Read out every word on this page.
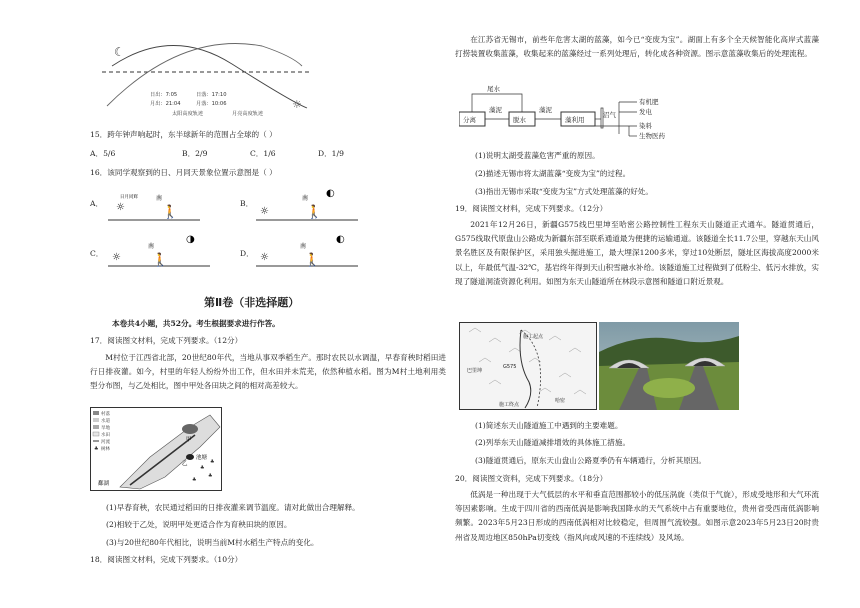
☾
☼
日出：7:05	日落：17:10
月出：21:04	月落：10:06
太阳高度轨迹	月亮高度轨迹
15．跨年钟声响起时，东半球新年的范围占全球的（ ）
A．5/6	B．2/9	C．1/6	D．1/9
16．该同学观察到的日、月同天景象位置示意图是（ ）
A． ☼
日月同辉	南
🚶
B．
☼
南
🚶
◐
C． ☼
南
🚶
◑
D． ☼
南
🚶
◐
第Ⅱ卷（非选择题）
本卷共4小题，共52分。考生根据要求进行作答。
17．阅读图文材料，完成下列要求。（12分）
M村位于江西省北部，20世纪80年代，当地从事双季稻生产。那时农民以水调温，早春育秧时稻田进行日排夜灌。如今，村里的年轻人纷纷外出工作，但水田并未荒芜，依然种植水稻。图为M村土地利用类型分布图，与乙处相比，图中甲处各田块之间的相对高差较大。
村落
水道
旱地
水田
河流
♣ 树林
甲
乙
鄱湖
池塘
♣
♣
♣
♣
(1)早春育秧，农民通过稻田的日排夜灌来调节温度。请对此做出合理解释。
(2)相较于乙处，说明甲处更适合作为育秧田块的原因。
(3)与20世纪80年代相比，说明当前M村水稻生产特点的变化。
18．阅读图文材料，完成下列要求。（10分）
在江苏省无锡市，前些年危害太湖的蓝藻，如今已“变废为宝”。湖面上有多个全天候智能化高岸式蓝藻打捞装置收集蓝藻，收集起来的蓝藻经过一系列处理后，转化成各种资源。图示意蓝藻收集后的处理流程。
分离	脱水	藻利用
藻泥	藻泥
尾水
沼气
有机肥
发电
染料
生物医药
(1)说明太湖受蓝藻危害严重的原因。
(2)描述无锡市将太湖蓝藻“变废为宝”的过程。
(3)指出无锡市采取“变废为宝”方式处理蓝藻的好处。
19．阅读图文材料，完成下列要求。（12分）
2021年12月26日，新疆G575线巴里坤至哈密公路控制性工程东天山隧道正式通车。隧道贯通后，G575线取代原盘山公路成为新疆东部至联系通道最为便捷的运输通道。该隧道全长11.7公里，穿越东天山风景名胜区及有限保护区，采用独头掘进施工，最大埋深1200多米，穿过10处断层，隧址区海拔高度2000米以上，年最低气温-32℃，基岩终年得到天山积雪融水补给。该隧道施工过程做到了低粉尘、低污水排放，实现了隧道洞渣资源化利用。如图为东天山隧道所在林段示意图和隧道口附近景观。
施工起点
G575
施工终点
巴里坤
哈密
(1)简述东天山隧道施工中遇到的主要难题。
(2)列举东天山隧道减排增效的具体施工措施。
(3)隧道贯通后，原东天山盘山公路夏季仍有车辆通行，分析其原因。
20．阅读图文资料，完成下列要求。（18分）
低涡是一种出现于大气低层的水平和垂直范围都较小的低压涡旋（类似于气旋），形成受地形和大气环流等因素影响。生成于四川省的西南低涡是影响我国降水的天气系统中占有重要地位，贵州省受西南低涡影响频繁。2023年5月23日形成的西南低涡相对比较稳定，但周围气流较强。如图示意2023年5月23日20时贵州省及周边地区850hPa切变线（指风向或风速的不连续线）及风场。
